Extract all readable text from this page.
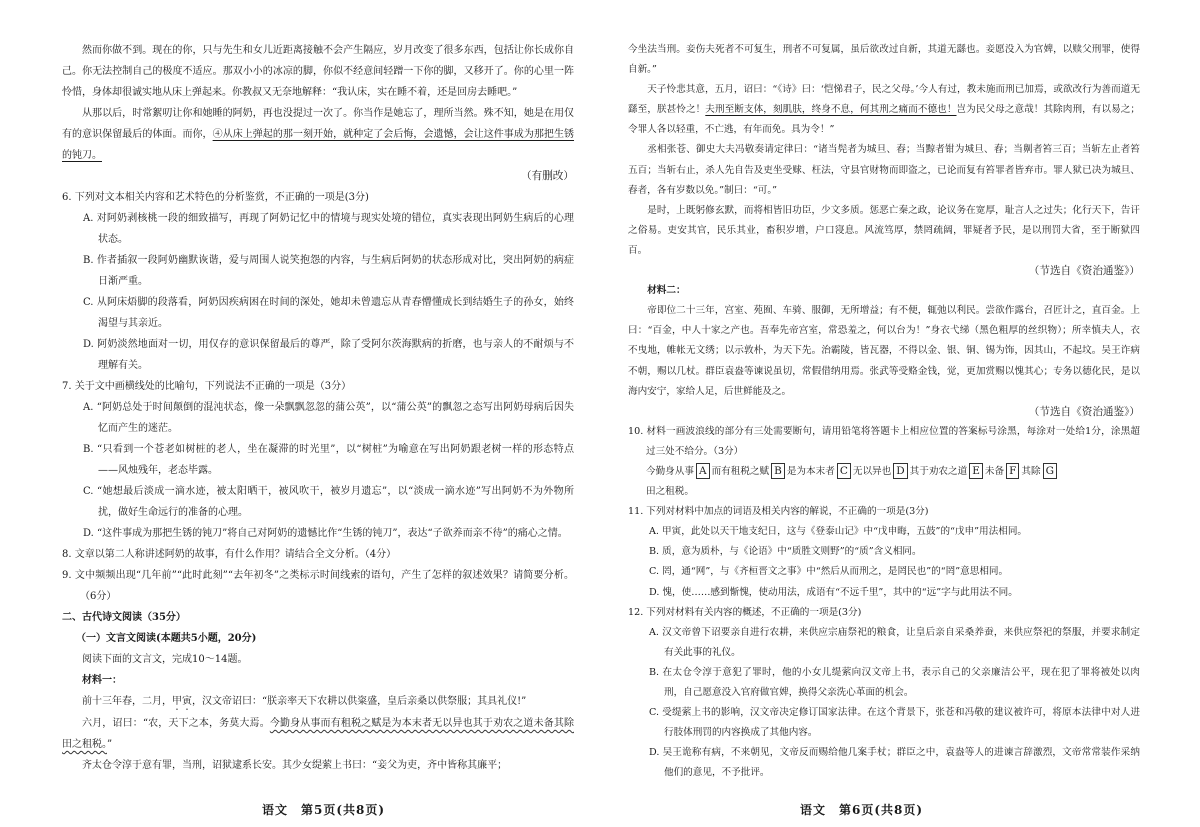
然而你做不到。现在的你，只与先生和女儿近距离接触不会产生隔应，岁月改变了很多东西，包括让你长成你自己。你无法控制自己的极度不适应。那双小小的冰凉的脚，你似不经意间轻蹭一下你的脚，又移开了。你的心里一阵怜惜，身体却很诚实地从床上弹起来。你教叔又无奈地解释：“我认床，实在睡不着，还是回房去睡吧。”

从那以后，时常絮叨让你和她睡的阿奶，再也没提过一次了。你当作是她忘了，理所当然。殊不知，她是在用仅有的意识保留最后的体面。而你，④从床上弹起的那一刻开始，就种定了会后悔，会遗憾，会让这件事成为那把生锈的钝刀。

（有删改）

6. 下列对文本相关内容和艺术特色的分析鉴赏，不正确的一项是(3分)

A. 对阿奶剥核桃一段的细致描写，再现了阿奶记忆中的情境与现实处境的错位，真实表现出阿奶生病后的心理状态。

B. 作者插叙一段阿奶幽默诙谐，爱与周围人说笑抱怨的内容，与生病后阿奶的状态形成对比，突出阿奶的病症日渐严重。

C. 从阿床焐脚的段落看，阿奶因疾病困在时间的深处，她却未曾遗忘从青春懵懂成长到结婚生子的孙女，始终渴望与其亲近。

D. 阿奶淡然地面对一切，用仅存的意识保留最后的尊严，除了受阿尔茨海默病的折磨，也与亲人的不耐烦与不理解有关。

7. 关于文中画横线处的比喻句，下列说法不正确的一项是（3分）

A. “阿奶总处于时间颠倒的混沌状态，像一朵飘飘忽忽的蒲公英”，以“蒲公英”的飘忽之态写出阿奶母病后因失忆而产生的迷茫。

B. “只看到一个苍老如树桩的老人，坐在凝滞的时光里”，以“树桩”为喻意在写出阿奶跟老树一样的形态特点——风烛残年，老态毕露。

C. “她想最后淡成一滴水迹，被太阳晒干，被风吹干，被岁月遗忘”，以“淡成一滴水迹”写出阿奶不为外物所扰，做好生命远行的准备的心理。

D. “这件事成为那把生锈的钝刀”将自己对阿奶的遗憾比作“生锈的钝刀”，表达“子欲养而亲不待”的痛心之情。

8. 文章以第二人称讲述阿奶的故事，有什么作用？请结合全文分析。（4分）

9. 文中频频出现“几年前”“此时此刻”“去年初冬”之类标示时间线索的语句，产生了怎样的叙述效果？请简要分析。（6分）

二、古代诗文阅读（35分）

（一）文言文阅读(本题共5小题，20分)

阅读下面的文言文，完成10～14题。

材料一：

前十三年春，二月，甲寅，汉文帝诏曰：“朕亲率天下农耕以供粢盛，皇后亲桑以供祭服；其具礼仪!”

六月，诏曰：“农，天下之本，务莫大焉。今勤身从事而有租税之赋是为本末者无以异也其于劝农之道未备其除田之租税。”

齐太仓令淳于意有罪，当刑，诏狱逮系长安。其少女缇萦上书曰：“妾父为吏，齐中皆称其廉平；

今坐法当刑。妾伤夫死者不可复生，刑者不可复属，虽后欲改过自新，其道无繇也。妾愿没入为官婢，以赎父刑罪，使得自新。”

天子怜悲其意，五月，诏曰：“《诗》曰：‘恺悌君子，民之父母。’今人有过，教未施而刑已加焉，或欲改行为善而道无繇至，朕甚怜之！夫刑至断支体，刻肌肤，终身不息，何其刑之痛而不德也！岂为民父母之意哉！其除肉刑，有以易之；令罪人各以轻重，不亡逃，有年而免。具为令！”

丞相张苍、御史大夫冯敬奏请定律曰：“诸当髡者为城旦、舂；当黥者钳为城旦、舂；当劓者笞三百；当斩左止者笞五百；当斩右止，杀人先自告及吏坐受赇、枉法，守县官财物而即盗之，已论而复有笞罪者皆弃市。罪人狱已决为城旦、舂者，各有岁数以免。”制曰：“可。”

是时，上既躬修玄默，而将相皆旧功臣，少文多质。惩恶亡秦之政，论议务在宽厚，耻言人之过失；化行天下，告讦之俗易。吏安其官，民乐其业，畜积岁增，户口寖息。风流笃厚，禁罔疏阔，罪疑者予民，是以刑罚大省，至于断狱四百。

（节选自《资治通鉴》）

材料二：

帝即位二十三年，宫室、苑囿、车骑、服御，无所增益；有不便，辄弛以利民。尝欲作露台，召匠计之，直百金。上曰：“百金，中人十家之产也。吾奉先帝宫室，常恐羞之，何以台为！”身衣弋绨（黑色粗厚的丝织物）；所幸慎夫人，衣不曳地，帷帐无文绣；以示敦朴，为天下先。治霸陵，皆瓦器，不得以金、银、铜、锡为饰，因其山，不起坟。吴王诈病不朝，赐以几杖。群臣袁盎等谏说虽切，常假借纳用焉。张武等受赂金钱，觉，更加赏赐以愧其心；专务以德化民，是以海内安宁，家给人足，后世鲜能及之。

（节选自《资治通鉴》）

10. 材料一画波浪线的部分有三处需要断句，请用铅笔将答题卡上相应位置的答案标号涂黑，每涂对一处给1分，涂黑超过三处不给分。（3分）

今勤身从事 A 而有租税之赋 B 是为本末者 C 无以异也 D 其于劝农之道 E 未备 F 其除 G

田之租税。

11. 下列对材料中加点的词语及相关内容的解说，不正确的一项是(3分)

A. 甲寅，此处以天干地支纪日，这与《登泰山记》中“戊申晦，五鼓”的“戊申”用法相同。

B. 质，意为质朴，与《论语》中“质胜文则野”的“质”含义相同。

C. 罔，通“网”，与《齐桓晋文之事》中“然后从而刑之，是罔民也”的“罔”意思相同。

D. 愧，使……感到惭愧，使动用法，成语有“不远千里”，其中的“远”字与此用法不同。

12. 下列对材料有关内容的概述，不正确的一项是(3分)

A. 汉文帝曾下诏要亲自进行农耕，来供应宗庙祭祀的粮食，让皇后亲自采桑养蚕，来供应祭祀的祭服，并要求制定有关此事的礼仪。

B. 在太仓令淳于意犯了罪时，他的小女儿缇萦向汉文帝上书，表示自己的父亲廉洁公平，现在犯了罪将被处以肉刑，自己愿意没入官府做官婢，换得父亲洗心革面的机会。

C. 受缇萦上书的影响，汉文帝决定修订国家法律。在这个背景下，张苍和冯敬的建议被许可，将原本法律中对人进行肢体刑罚的内容换成了其他内容。

D. 吴王诡称有病，不来朝见，文帝反而赐给他几案手杖；群臣之中，袁盎等人的进谏言辞激烈，文帝常常装作采纳他们的意见，不予批评。

语文　第5页(共8页)	语文　第6页(共8页)
